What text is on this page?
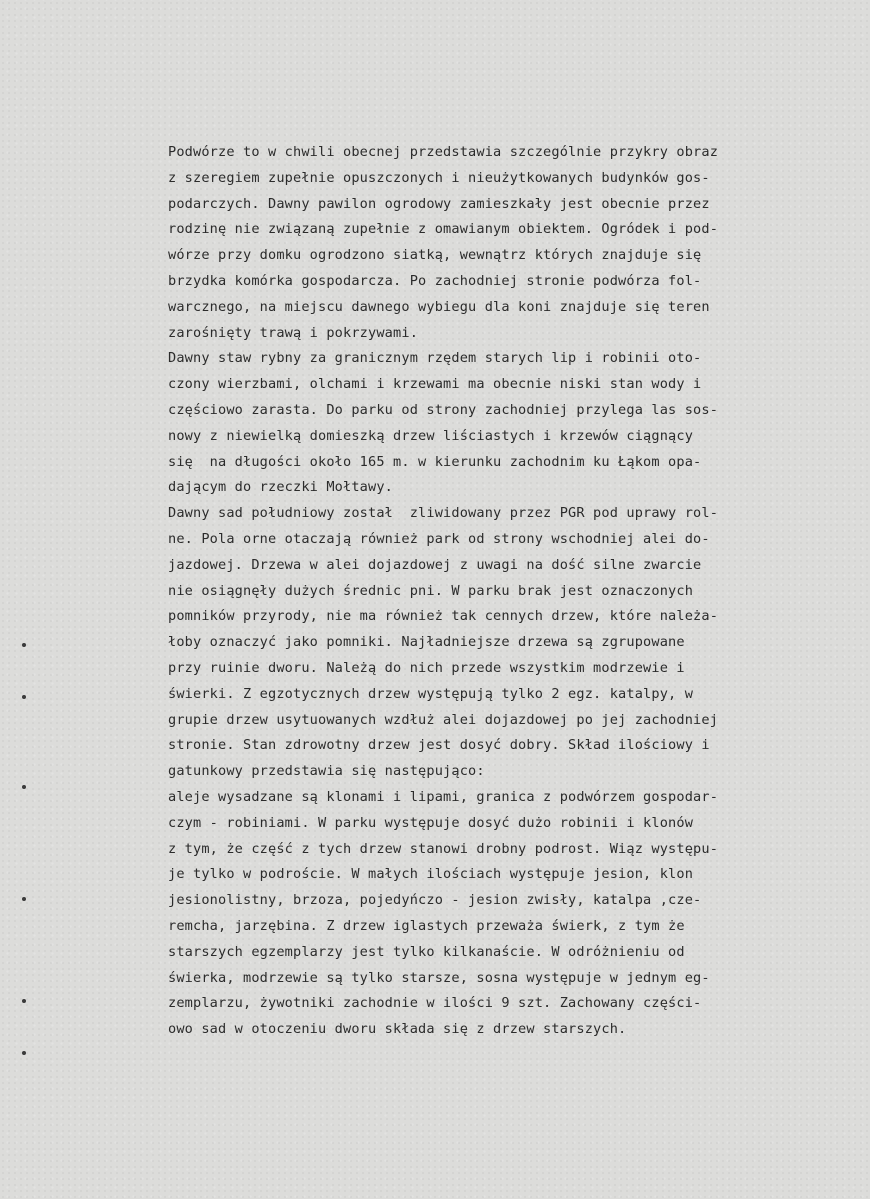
Podwórze to w chwili obecnej przedstawia szczególnie przykry obraz
z szeregiem zupełnie opuszczonych i nieużytkowanych budynków gos-
podarczych. Dawny pawilon ogrodowy zamieszkały jest obecnie przez
rodzinę nie związaną zupełnie z omawianym obiektem. Ogródek i pod-
wórze przy domku ogrodzono siatką, wewnątrz których znajduje się
brzydka komórka gospodarcza. Po zachodniej stronie podwórza fol-
warcznego, na miejscu dawnego wybiegu dla koni znajduje się teren
zarośnięty trawą i pokrzywami.
Dawny staw rybny za granicznym rzędem starych lip i robinii oto-
czony wierzbami, olchami i krzewami ma obecnie niski stan wody i
częściowo zarasta. Do parku od strony zachodniej przylega las sos-
nowy z niewielką domieszką drzew liściastych i krzewów ciągnący
się  na długości około 165 m. w kierunku zachodnim ku Łąkom opa-
dającym do rzeczki Mołtawy.
Dawny sad południowy został  zliwidowany przez PGR pod uprawy rol-
ne. Pola orne otaczają również park od strony wschodniej alei do-
jazdowej. Drzewa w alei dojazdowej z uwagi na dość silne zwarcie
nie osiągnęły dużych średnic pni. W parku brak jest oznaczonych
pomników przyrody, nie ma również tak cennych drzew, które należa-
łoby oznaczyć jako pomniki. Najładniejsze drzewa są zgrupowane
przy ruinie dworu. Należą do nich przede wszystkim modrzewie i
świerki. Z egzotycznych drzew występują tylko 2 egz. katalpy, w
grupie drzew usytuowanych wzdłuż alei dojazdowej po jej zachodniej
stronie. Stan zdrowotny drzew jest dosyć dobry. Skład ilościowy i
gatunkowy przedstawia się następująco:
aleje wysadzane są klonami i lipami, granica z podwórzem gospodar-
czym - robiniami. W parku występuje dosyć dużo robinii i klonów
z tym, że część z tych drzew stanowi drobny podrost. Wiąz występu-
je tylko w podroście. W małych ilościach występuje jesion, klon
jesionolistny, brzoza, pojedyńczo - jesion zwisły, katalpa ,cze-
remcha, jarzębina. Z drzew iglastych przeważa świerk, z tym że
starszych egzemplarzy jest tylko kilkanaście. W odróżnieniu od
świerka, modrzewie są tylko starsze, sosna występuje w jednym eg-
zemplarzu, żywotniki zachodnie w ilości 9 szt. Zachowany części-
owo sad w otoczeniu dworu składa się z drzew starszych.
